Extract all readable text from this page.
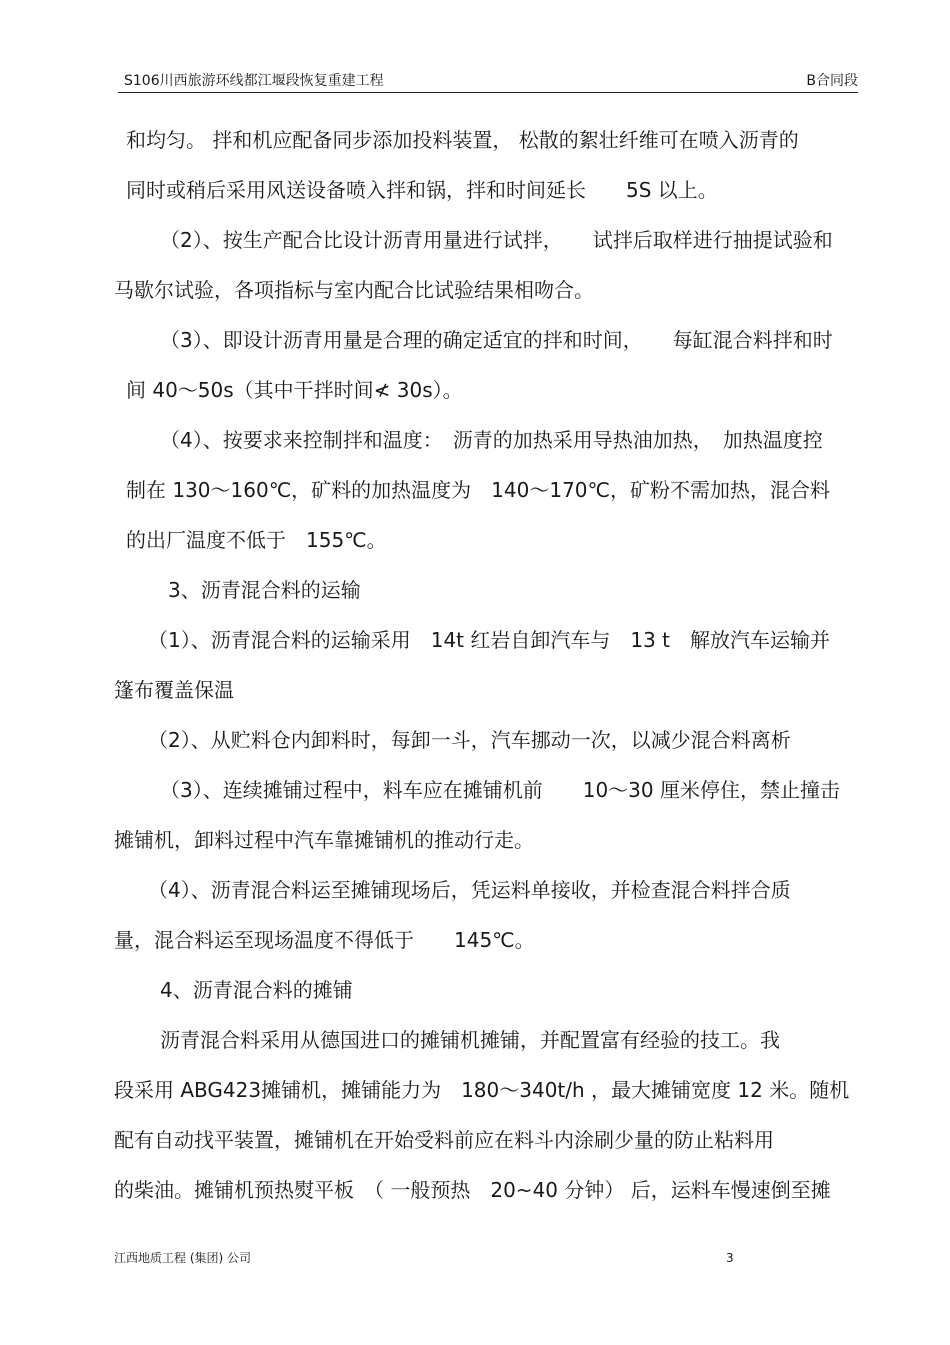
S106川西旅游环线都江堰段恢复重建工程	B合同段
和均匀。 拌和机应配备同步添加投料装置， 松散的絮壮纤维可在喷入沥青的
同时或稍后采用风送设备喷入拌和锅，拌和时间延长　　5S 以上。
（2）、按生产配合比设计沥青用量进行试拌，　　试拌后取样进行抽提试验和
马歇尔试验，各项指标与室内配合比试验结果相吻合。
（3）、即设计沥青用量是合理的确定适宜的拌和时间，　　每缸混合料拌和时
间 40～50s（其中干拌时间≮ 30s）。
（4）、按要求来控制拌和温度：　沥青的加热采用导热油加热，　加热温度控
制在 130～160℃，矿料的加热温度为　140～170℃，矿粉不需加热，混合料
的出厂温度不低于　155℃。
3、沥青混合料的运输
（1）、沥青混合料的运输采用　14t 红岩自卸汽车与　13 t　解放汽车运输并
篷布覆盖保温
（2）、从贮料仓内卸料时，每卸一斗，汽车挪动一次，以减少混合料离析
（3）、连续摊铺过程中，料车应在摊铺机前　　10～30 厘米停住，禁止撞击
摊铺机，卸料过程中汽车靠摊铺机的推动行走。
（4）、沥青混合料运至摊铺现场后，凭运料单接收，并检查混合料拌合质
量，混合料运至现场温度不得低于　　145℃。
4、沥青混合料的摊铺
沥青混合料采用从德国进口的摊铺机摊铺，并配置富有经验的技工。我
段采用 ABG423摊铺机，摊铺能力为　180～340t/h ，最大摊铺宽度 12 米。随机
配有自动找平装置，摊铺机在开始受料前应在料斗内涂刷少量的防止粘料用
的柴油。摊铺机预热熨平板　（ 一般预热　20~40 分钟） 后，运料车慢速倒至摊
江西地质工程 (集团) 公司	3
